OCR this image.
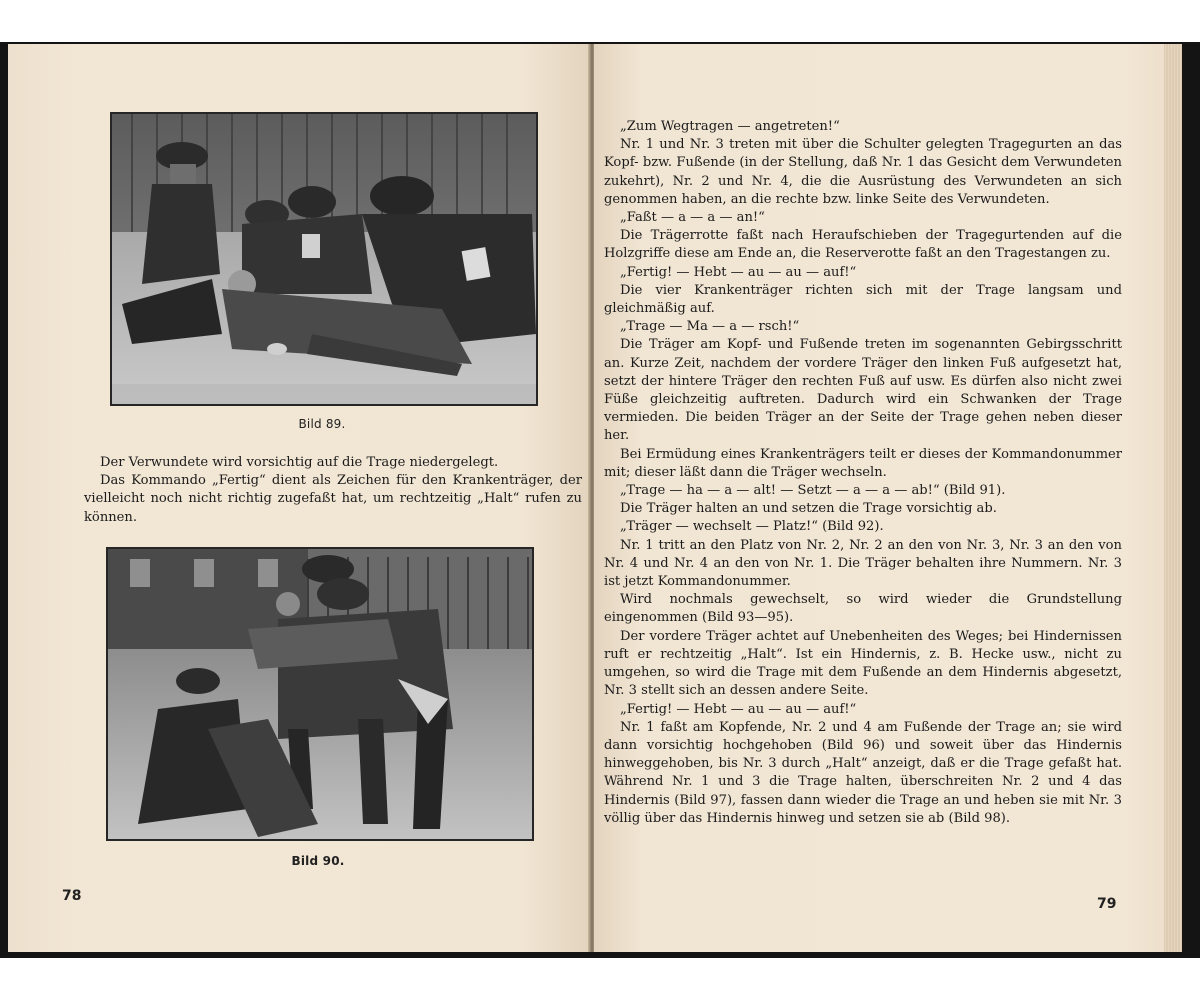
Bild 89.

Der Verwundete wird vorsichtig auf die Trage niedergelegt.

Das Kommando „Fertig“ dient als Zeichen für den Krankenträger, der vielleicht noch nicht richtig zugefaßt hat, um rechtzeitig „Halt“ rufen zu können.

Bild 90.
78

„Zum Wegtragen — angetreten!“

Nr. 1 und Nr. 3 treten mit über die Schulter gelegten Tragegurten an das Kopf- bzw. Fußende (in der Stellung, daß Nr. 1 das Gesicht dem Verwundeten zukehrt), Nr. 2 und Nr. 4, die die Ausrüstung des Verwundeten an sich genommen haben, an die rechte bzw. linke Seite des Verwundeten.

„Faßt — a — a — an!“

Die Trägerrotte faßt nach Heraufschieben der Tragegurtenden auf die Holzgriffe diese am Ende an, die Reserverotte faßt an den Tragestangen zu.

„Fertig! — Hebt — au — au — auf!“

Die vier Krankenträger richten sich mit der Trage langsam und gleichmäßig auf.

„Trage — Ma — a — rsch!“

Die Träger am Kopf- und Fußende treten im sogenannten Gebirgsschritt an. Kurze Zeit, nachdem der vordere Träger den linken Fuß aufgesetzt hat, setzt der hintere Träger den rechten Fuß auf usw. Es dürfen also nicht zwei Füße gleichzeitig auftreten. Dadurch wird ein Schwanken der Trage vermieden. Die beiden Träger an der Seite der Trage gehen neben dieser her.

Bei Ermüdung eines Krankenträgers teilt er dieses der Kommandonummer mit; dieser läßt dann die Träger wechseln.

„Trage — ha — a — alt! — Setzt — a — a — ab!“ (Bild 91).

Die Träger halten an und setzen die Trage vorsichtig ab.

„Träger — wechselt — Platz!“ (Bild 92).

Nr. 1 tritt an den Platz von Nr. 2, Nr. 2 an den von Nr. 3, Nr. 3 an den von Nr. 4 und Nr. 4 an den von Nr. 1. Die Träger behalten ihre Nummern. Nr. 3 ist jetzt Kommandonummer.

Wird nochmals gewechselt, so wird wieder die Grundstellung eingenommen (Bild 93—95).

Der vordere Träger achtet auf Unebenheiten des Weges; bei Hindernissen ruft er rechtzeitig „Halt“. Ist ein Hindernis, z. B. Hecke usw., nicht zu umgehen, so wird die Trage mit dem Fußende an dem Hindernis abgesetzt, Nr. 3 stellt sich an dessen andere Seite.

„Fertig! — Hebt — au — au — auf!“

Nr. 1 faßt am Kopfende, Nr. 2 und 4 am Fußende der Trage an; sie wird dann vorsichtig hochgehoben (Bild 96) und soweit über das Hindernis hinweggehoben, bis Nr. 3 durch „Halt“ anzeigt, daß er die Trage gefaßt hat. Während Nr. 1 und 3 die Trage halten, überschreiten Nr. 2 und 4 das Hindernis (Bild 97), fassen dann wieder die Trage an und heben sie mit Nr. 3 völlig über das Hindernis hinweg und setzen sie ab (Bild 98).

79
